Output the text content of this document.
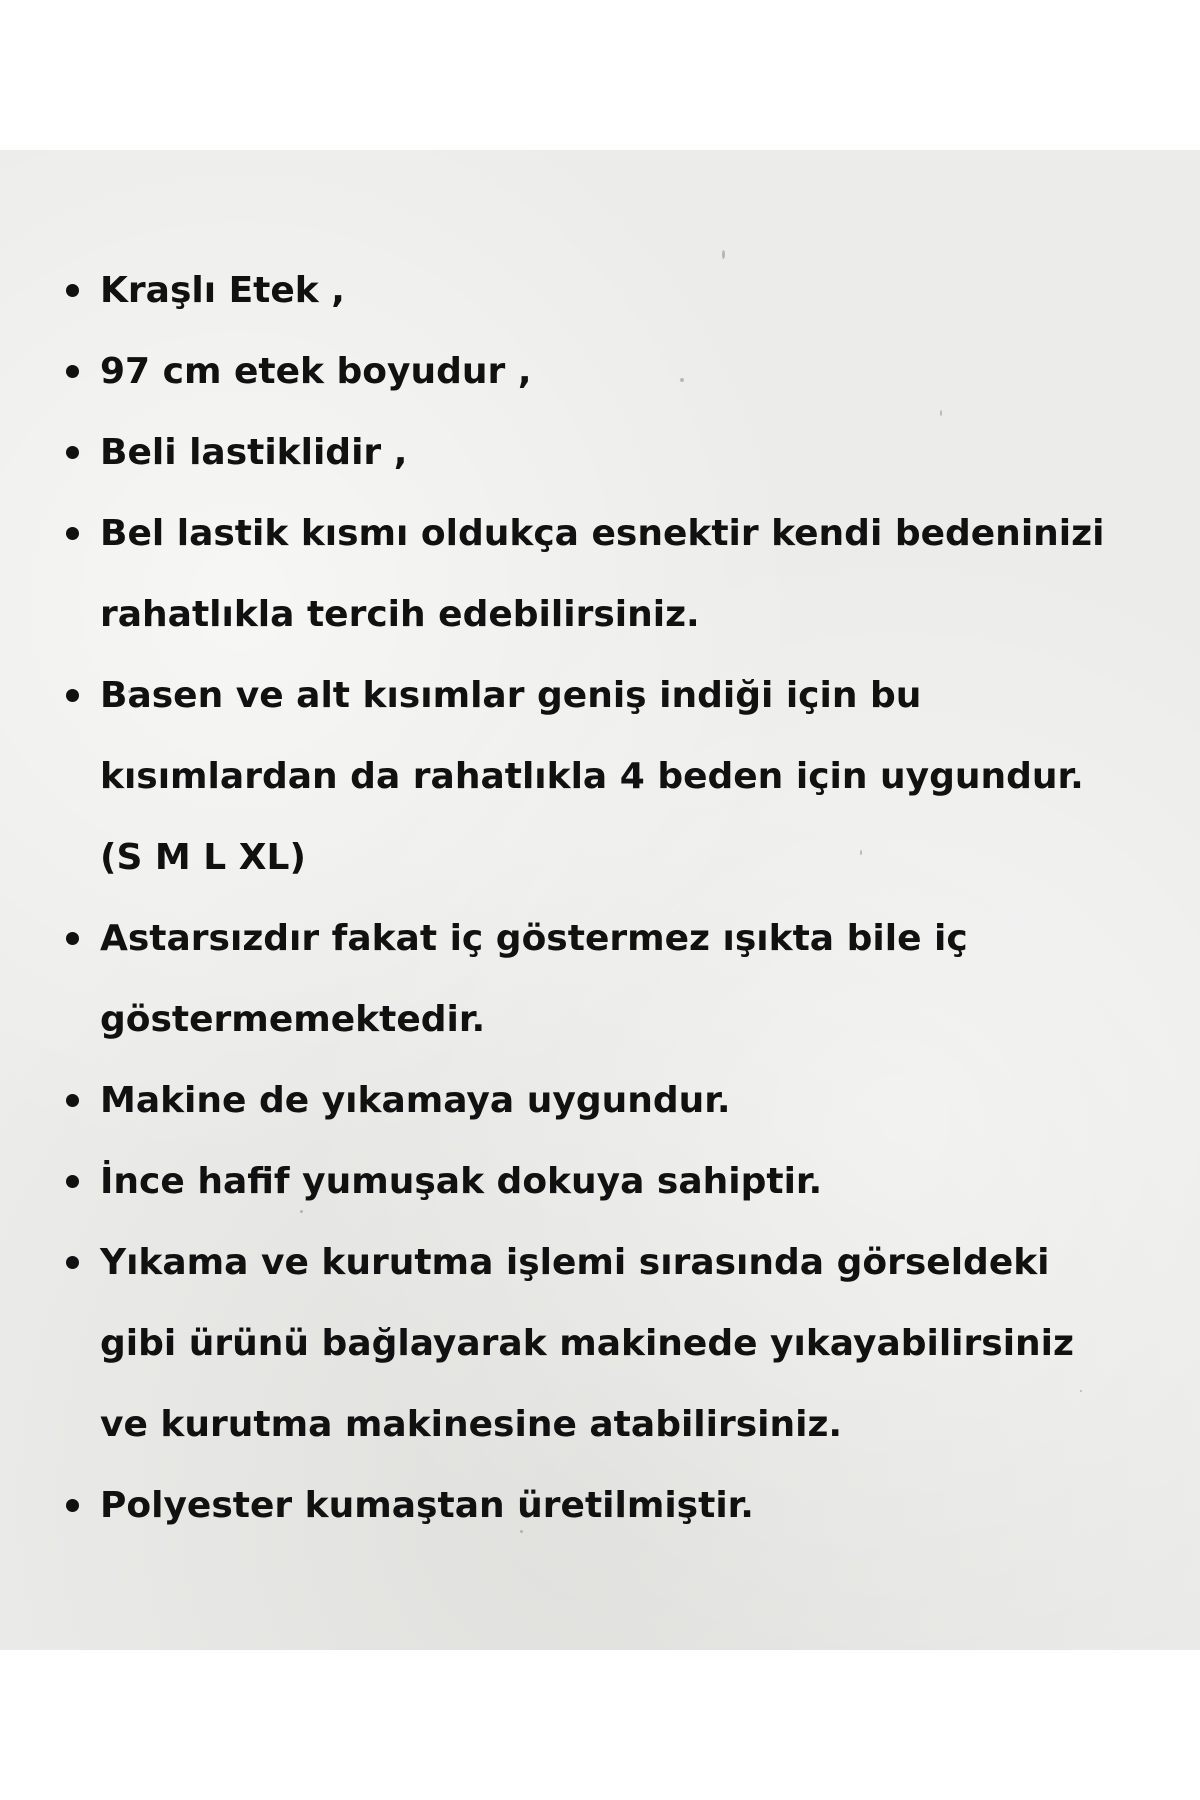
Kraşlı Etek ,
97 cm etek boyudur ,
Beli lastiklidir ,
Bel lastik kısmı oldukça esnektir kendi bedeninizi
rahatlıkla tercih edebilirsiniz.
Basen ve alt kısımlar geniş indiği için bu
kısımlardan da rahatlıkla 4 beden için uygundur.
(S M L XL)
Astarsızdır fakat iç göstermez ışıkta bile iç
göstermemektedir.
Makine de yıkamaya uygundur.
İnce hafif yumuşak dokuya sahiptir.
Yıkama ve kurutma işlemi sırasında görseldeki
gibi ürünü bağlayarak makinede yıkayabilirsiniz
ve kurutma makinesine atabilirsiniz.
Polyester kumaştan üretilmiştir.
